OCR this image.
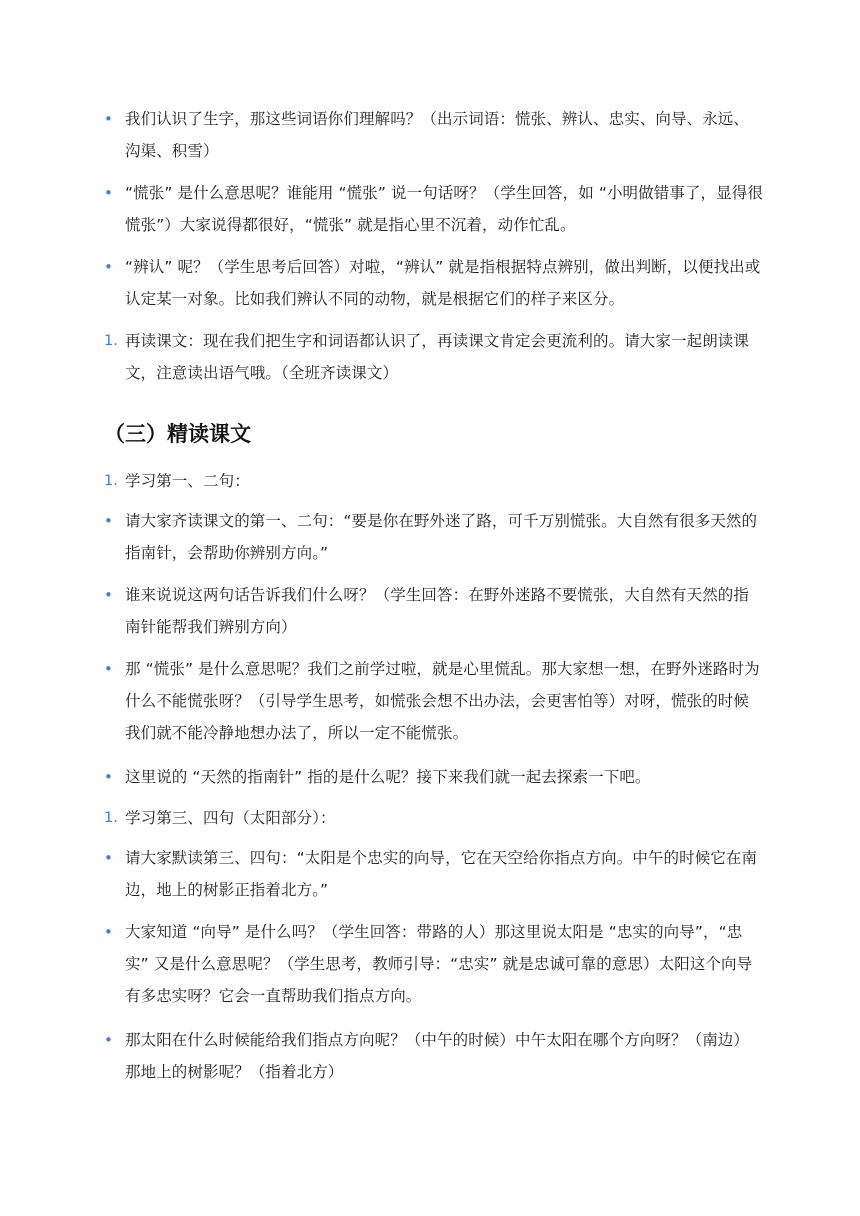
• 我们认识了生字，那这些词语你们理解吗？（出示词语：慌张、辨认、忠实、向导、永远、沟渠、积雪）
• “慌张” 是什么意思呢？谁能用 “慌张” 说一句话呀？（学生回答，如 “小明做错事了，显得很慌张”）大家说得都很好，“慌张” 就是指心里不沉着，动作忙乱。
• “辨认” 呢？（学生思考后回答）对啦，“辨认” 就是指根据特点辨别，做出判断，以便找出或认定某一对象。比如我们辨认不同的动物，就是根据它们的样子来区分。
1. 再读课文：现在我们把生字和词语都认识了，再读课文肯定会更流利的。请大家一起朗读课文，注意读出语气哦。（全班齐读课文）
（三）精读课文
1. 学习第一、二句：
• 请大家齐读课文的第一、二句：“要是你在野外迷了路，可千万别慌张。大自然有很多天然的指南针，会帮助你辨别方向。”
• 谁来说说这两句话告诉我们什么呀？（学生回答：在野外迷路不要慌张，大自然有天然的指南针能帮我们辨别方向）
• 那 “慌张” 是什么意思呢？我们之前学过啦，就是心里慌乱。那大家想一想，在野外迷路时为什么不能慌张呀？（引导学生思考，如慌张会想不出办法，会更害怕等）对呀，慌张的时候我们就不能冷静地想办法了，所以一定不能慌张。
• 这里说的 “天然的指南针” 指的是什么呢？接下来我们就一起去探索一下吧。
1. 学习第三、四句（太阳部分）：
• 请大家默读第三、四句：“太阳是个忠实的向导，它在天空给你指点方向。中午的时候它在南边，地上的树影正指着北方。”
• 大家知道 “向导” 是什么吗？（学生回答：带路的人）那这里说太阳是 “忠实的向导”，“忠实” 又是什么意思呢？（学生思考，教师引导：“忠实” 就是忠诚可靠的意思）太阳这个向导有多忠实呀？它会一直帮助我们指点方向。
• 那太阳在什么时候能给我们指点方向呢？（中午的时候）中午太阳在哪个方向呀？（南边）那地上的树影呢？（指着北方）
